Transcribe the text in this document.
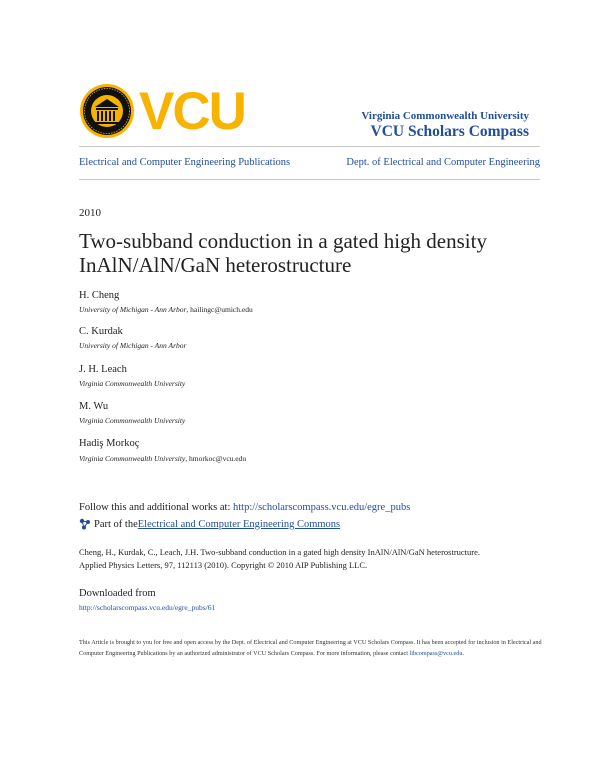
VCU	Virginia Commonwealth University
VCU Scholars Compass
Electrical and Computer Engineering Publications	Dept. of Electrical and Computer Engineering
2010
Two-subband conduction in a gated high density
InAlN/AlN/GaN heterostructure
H. Cheng
University of Michigan - Ann Arbor, hailingc@umich.edu
C. Kurdak
University of Michigan - Ann Arbor
J. H. Leach
Virginia Commonwealth University
M. Wu
Virginia Commonwealth University
Hadiş Morkoç
Virginia Commonwealth University, hmorkoc@vcu.edu
Follow this and additional works at: http://scholarscompass.vcu.edu/egre_pubs
Part of the Electrical and Computer Engineering Commons
Cheng, H., Kurdak, C., Leach, J.H. Two-subband conduction in a gated high density InAlN/AlN/GaN heterostructure.
Applied Physics Letters, 97, 112113 (2010). Copyright © 2010 AIP Publishing LLC.
Downloaded from
http://scholarscompass.vcu.edu/egre_pubs/61
This Article is brought to you for free and open access by the Dept. of Electrical and Computer Engineering at VCU Scholars Compass. It has been accepted for inclusion in Electrical and Computer Engineering Publications by an authorized administrator of VCU Scholars Compass. For more information, please contact libcompass@vcu.edu.
